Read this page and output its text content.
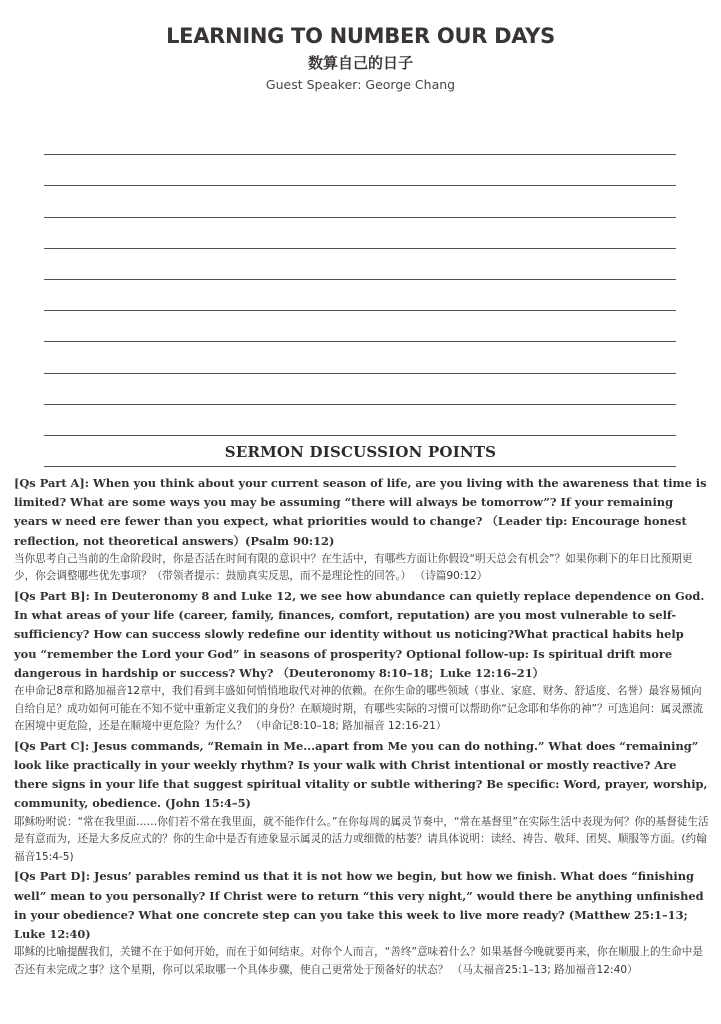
LEARNING TO NUMBER OUR DAYS
数算自己的日子
Guest Speaker: George Chang
SERMON DISCUSSION POINTS

[Qs Part A]: When you think about your current season of life, are you living with the awareness that time is limited? What are some ways you may be assuming “there will always be tomorrow”? If your remaining years w need ere fewer than you expect, what priorities would to change? （Leader tip: Encourage honest reflection, not theoretical answers）(Psalm 90:12)

当你思考自己当前的生命阶段时，你是否活在时间有限的意识中？在生活中，有哪些方面让你假设“明天总会有机会”？如果你剩下的年日比预期更少，你会调整哪些优先事项？（带领者提示：鼓励真实反思，而不是理论性的回答。） （诗篇90:12）

[Qs Part B]: In Deuteronomy 8 and Luke 12, we see how abundance can quietly replace dependence on God. In what areas of your life (career, family, finances, comfort, reputation) are you most vulnerable to self-sufficiency? How can success slowly redefine our identity without us noticing?What practical habits help you “remember the Lord your God” in seasons of prosperity? Optional follow-up: Is spiritual drift more dangerous in hardship or success? Why? （Deuteronomy 8:10–18；Luke 12:16–21）

在申命记8章和路加福音12章中，我们看到丰盛如何悄悄地取代对神的依赖。在你生命的哪些领域（事业、家庭、财务、舒适度、名誉）最容易倾向自给自足？成功如何可能在不知不觉中重新定义我们的身份？在顺境时期，有哪些实际的习惯可以帮助你“记念耶和华你的神”？可选追问：属灵漂流在困境中更危险，还是在顺境中更危险？为什么？ （申命记8:10–18; 路加福音 12:16-21）

[Qs Part C]: Jesus commands, “Remain in Me...apart from Me you can do nothing.” What does “remaining” look like practically in your weekly rhythm? Is your walk with Christ intentional or mostly reactive? Are there signs in your life that suggest spiritual vitality or subtle withering? Be specific: Word, prayer, worship, community, obedience. (John 15:4–5)

耶稣吩咐说：“常在我里面……你们若不常在我里面，就不能作什么。”在你每周的属灵节奏中，“常在基督里”在实际生活中表现为何？你的基督徒生活是有意而为，还是大多反应式的？你的生命中是否有迹象显示属灵的活力或细微的枯萎？请具体说明：读经、祷告、敬拜、团契、顺服等方面。(约翰福音15:4-5)

[Qs Part D]: Jesus’ parables remind us that it is not how we begin, but how we finish. What does “finishing well” mean to you personally? If Christ were to return “this very night,” would there be anything unfinished in your obedience? What one concrete step can you take this week to live more ready? (Matthew 25:1–13; Luke 12:40)

耶稣的比喻提醒我们，关键不在于如何开始，而在于如何结束。对你个人而言，“善终”意味着什么？如果基督今晚就要再来，你在顺服上的生命中是否还有未完成之事？这个星期，你可以采取哪一个具体步骤，使自己更常处于预备好的状态？ （马太福音25:1–13; 路加福音12:40）
